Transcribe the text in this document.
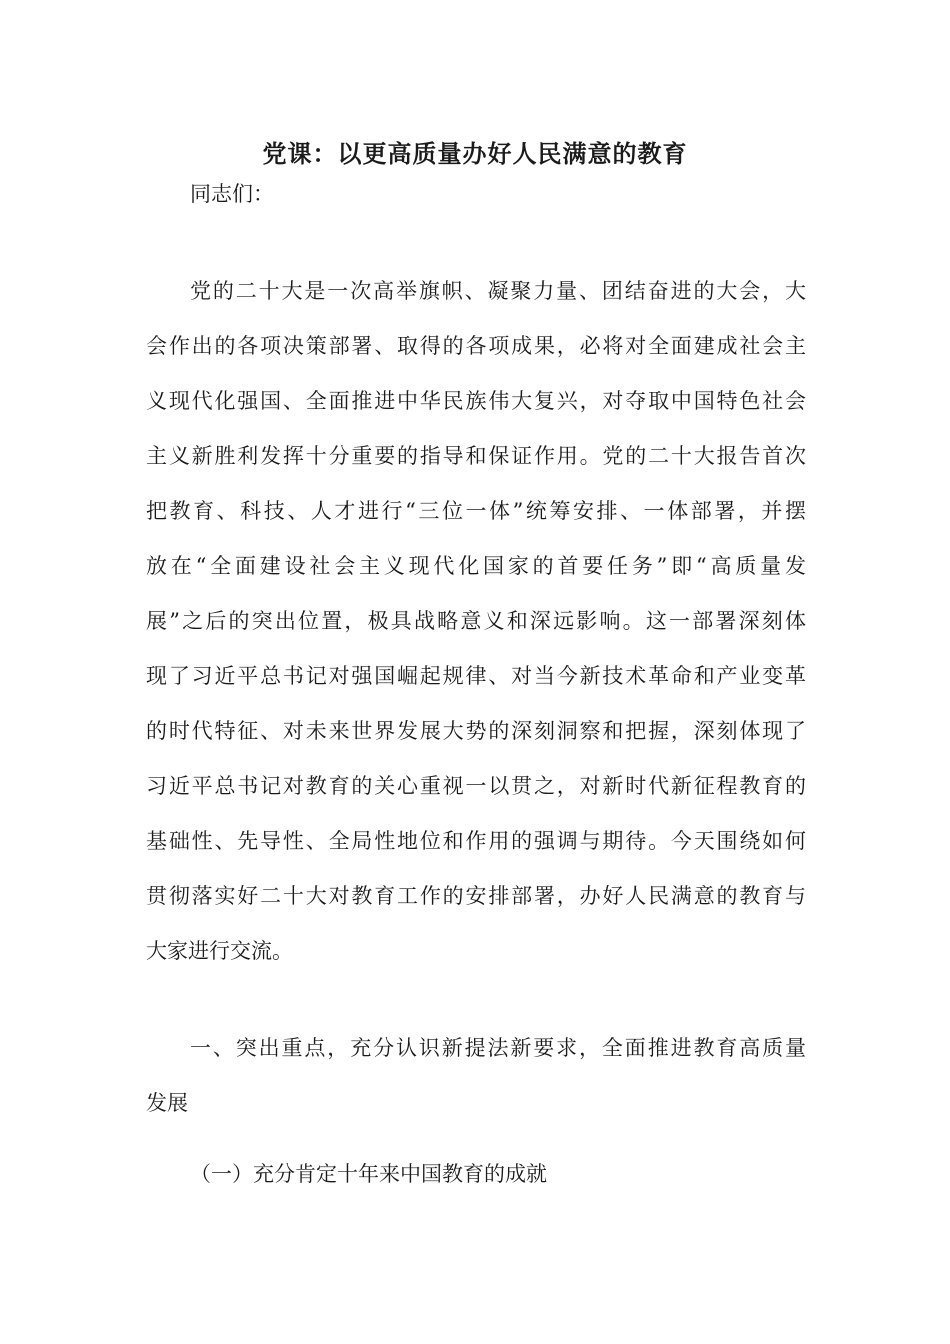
党课：以更高质量办好人民满意的教育
同志们：
党的二十大是一次高举旗帜、凝聚力量、团结奋进的大会，大
会作出的各项决策部署、取得的各项成果，必将对全面建成社会主
义现代化强国、全面推进中华民族伟大复兴，对夺取中国特色社会
主义新胜利发挥十分重要的指导和保证作用。党的二十大报告首次
把教育、科技、人才进行“三位一体”统筹安排、一体部署，并摆
放在“全面建设社会主义现代化国家的首要任务”即“高质量发
展”之后的突出位置，极具战略意义和深远影响。这一部署深刻体
现了习近平总书记对强国崛起规律、对当今新技术革命和产业变革
的时代特征、对未来世界发展大势的深刻洞察和把握，深刻体现了
习近平总书记对教育的关心重视一以贯之，对新时代新征程教育的
基础性、先导性、全局性地位和作用的强调与期待。今天围绕如何
贯彻落实好二十大对教育工作的安排部署，办好人民满意的教育与
大家进行交流。
一、突出重点，充分认识新提法新要求，全面推进教育高质量
发展
（一）充分肯定十年来中国教育的成就
